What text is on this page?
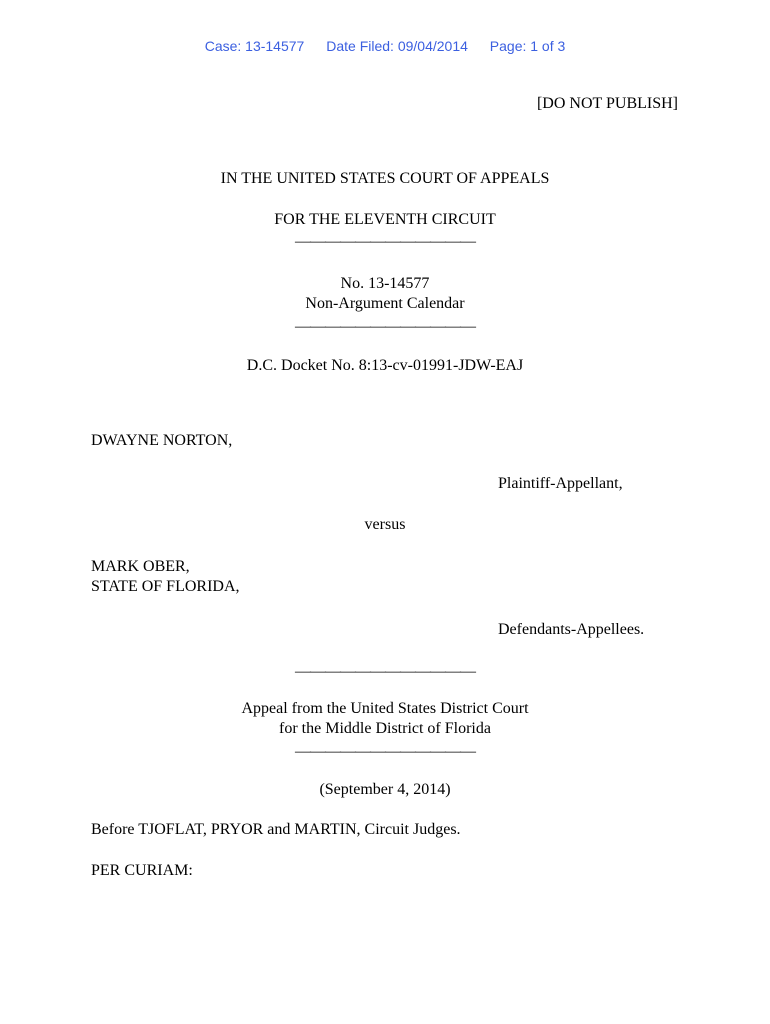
Case: 13-14577 Date Filed: 09/04/2014 Page: 1 of 3
[DO NOT PUBLISH]
IN THE UNITED STATES COURT OF APPEALS
FOR THE ELEVENTH CIRCUIT
————————————
No. 13-14577
Non-Argument Calendar
————————————
D.C. Docket No. 8:13-cv-01991-JDW-EAJ
DWAYNE NORTON,
Plaintiff-Appellant,
versus
MARK OBER,
STATE OF FLORIDA,
Defendants-Appellees.
————————————
Appeal from the United States District Court
for the Middle District of Florida
————————————
(September 4, 2014)
Before TJOFLAT, PRYOR and MARTIN, Circuit Judges.
PER CURIAM:
